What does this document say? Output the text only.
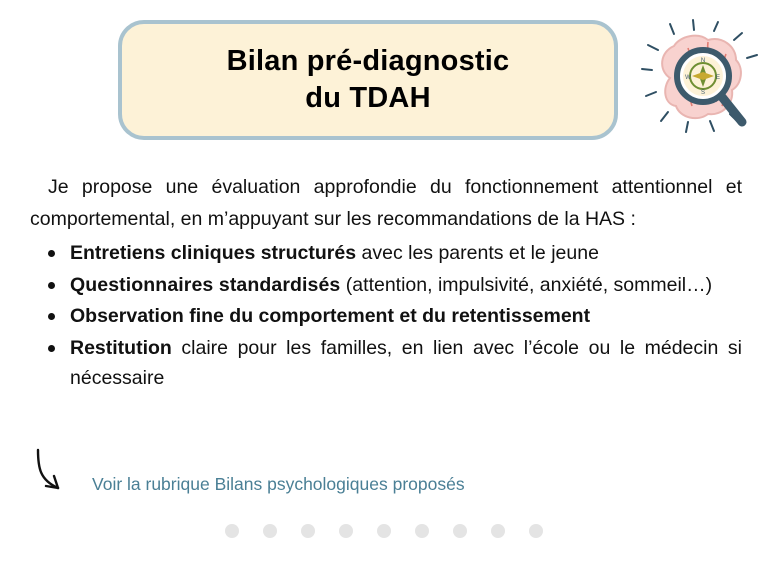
Bilan pré-diagnostic
du TDAH
N
W	E
S

Je propose une évaluation approfondie du fonctionnement attentionnel et comportemental, en m’appuyant sur les recommandations de la HAS :

Entretiens cliniques structurés avec les parents et le jeune
Questionnaires standardisés (attention, impulsivité, anxiété, sommeil…)
Observation fine du comportement et du retentissement
Restitution claire pour les familles, en lien avec l’école ou le médecin si nécessaire
Voir la rubrique Bilans psychologiques proposés
